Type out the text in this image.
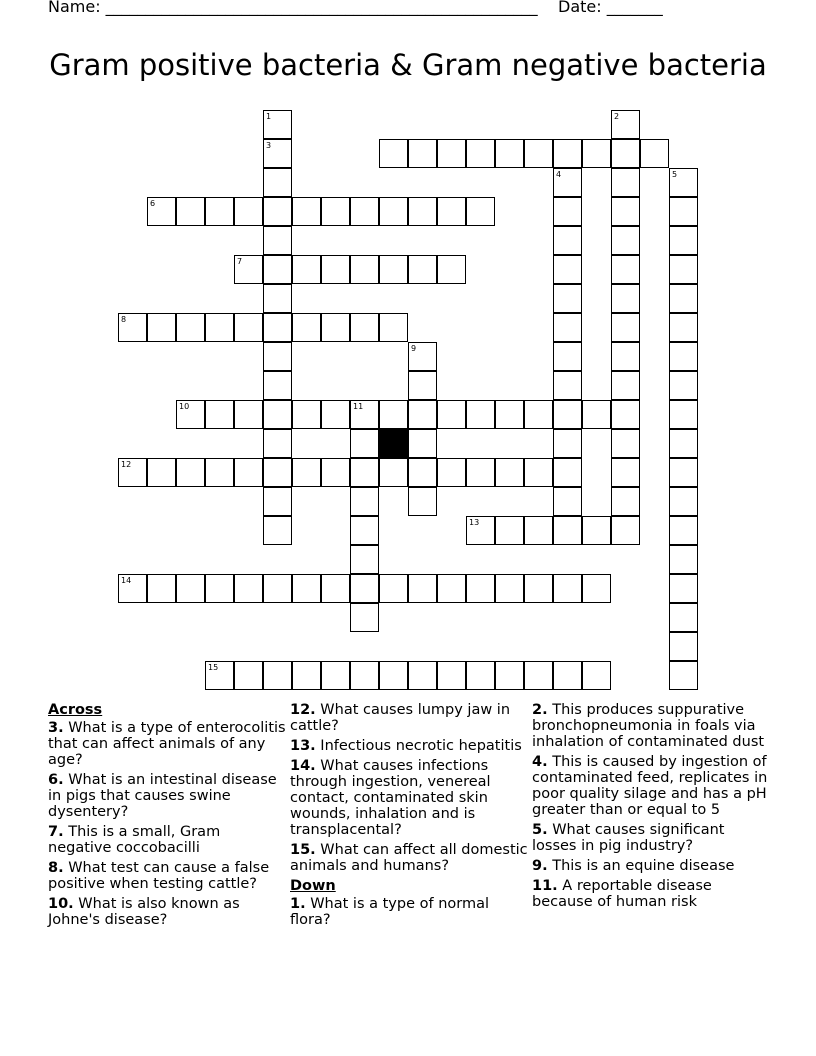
Name: ______________________________________________________    Date: _______
Gram positive bacteria & Gram negative bacteria
6
7
8
10	11
12
13
14
15
1
3
2
4	5
9
Across
3. What is a type of enterocolitis that can affect animals of any age?
6. What is an intestinal disease in pigs that causes swine dysentery?
7. This is a small, Gram negative coccobacilli
8. What test can cause a false positive when testing cattle?
10. What is also known as Johne's disease?
12. What causes lumpy jaw in cattle?
13. Infectious necrotic hepatitis
14. What causes infections through ingestion, venereal contact, contaminated skin wounds, inhalation and is transplacental?
15. What can affect all domestic animals and humans?
Down
1. What is a type of normal flora?
2. This produces suppurative bronchopneumonia in foals via inhalation of contaminated dust
4. This is caused by ingestion of contaminated feed, replicates in poor quality silage and has a pH greater than or equal to 5
5. What causes significant losses in pig industry?
9. This is an equine disease
11. A reportable disease because of human risk
